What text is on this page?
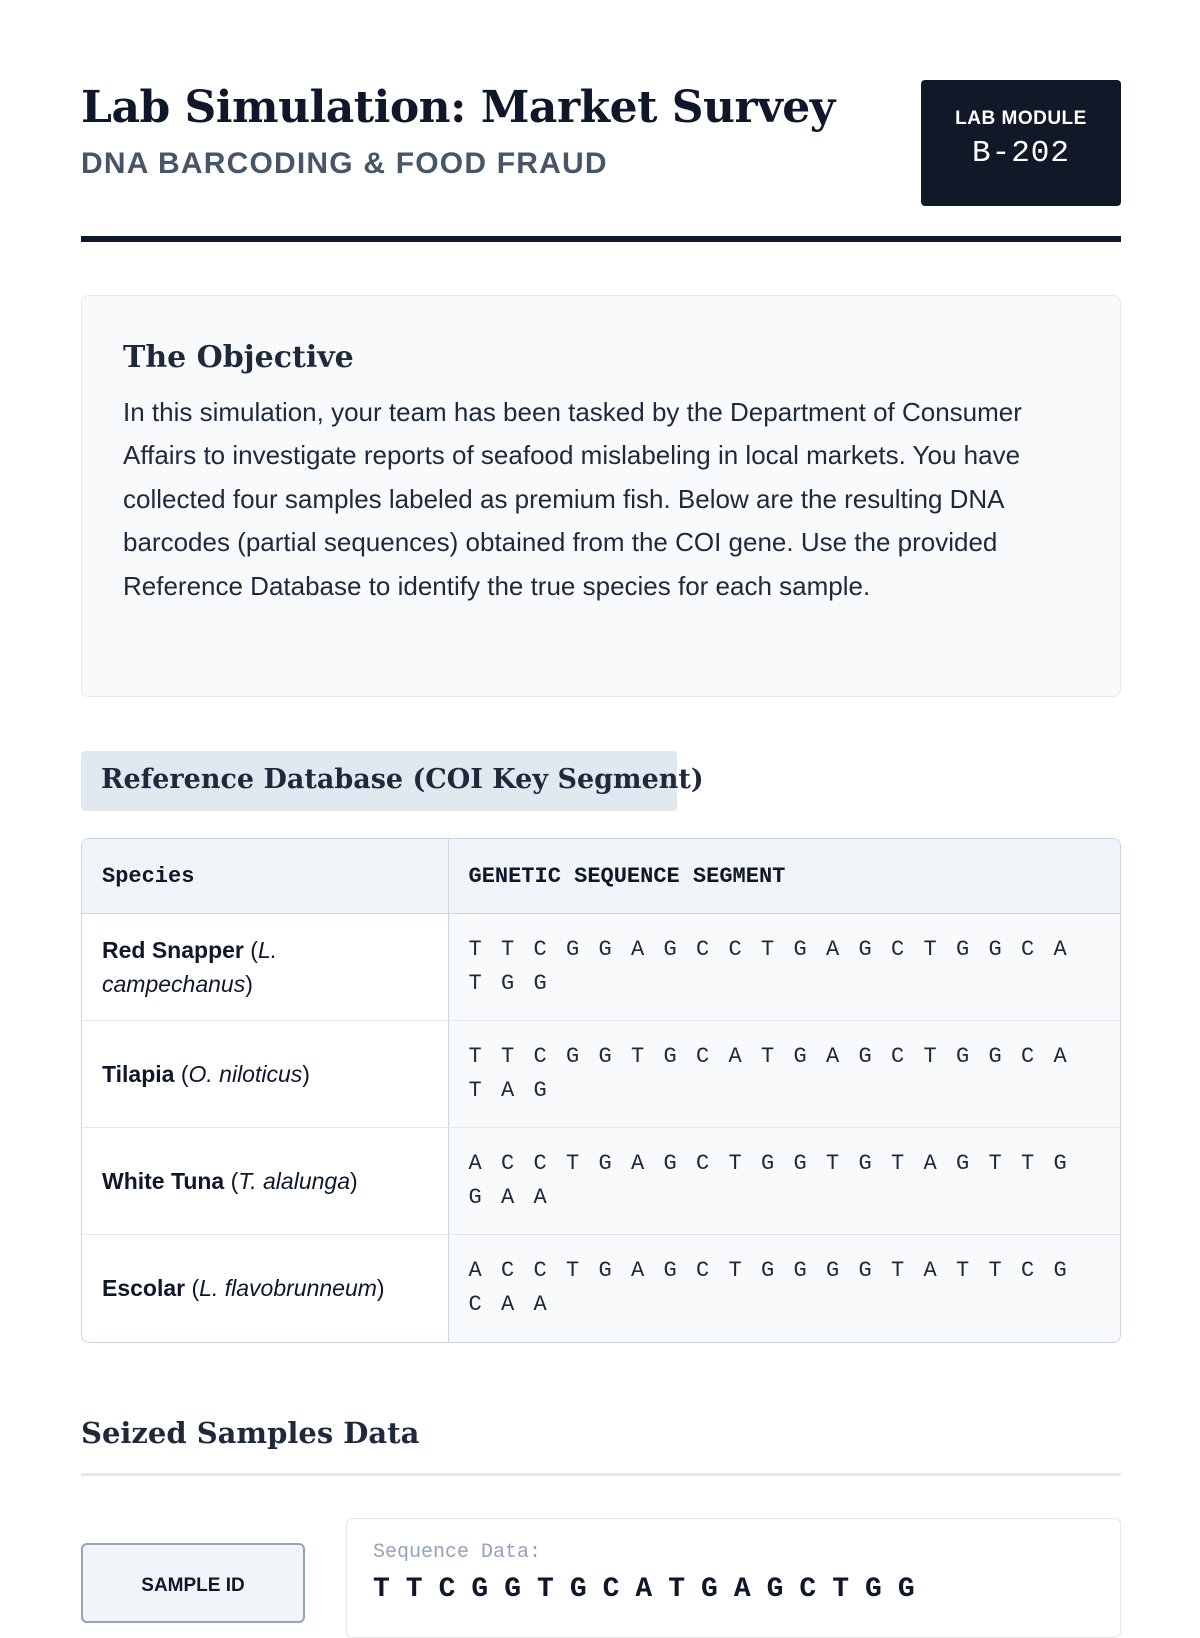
Lab Simulation: Market Survey
DNA BARCODING & FOOD FRAUD
LAB MODULE
B-202
The Objective

In this simulation, your team has been tasked by the Department of Consumer Affairs to investigate reports of seafood mislabeling in local markets. You have collected four samples labeled as premium fish. Below are the resulting DNA barcodes (partial sequences) obtained from the COI gene. Use the provided Reference Database to identify the true species for each sample.

Reference Database (COI Key Segment)
Species	GENETIC SEQUENCE SEGMENT
Red Snapper (L. campechanus)	TTCGGAGCCTGAGCTGGCATGG
Tilapia (O. niloticus)	TTCGGTGCATGAGCTGGCATAG
White Tuna (T. alalunga)	ACCTGAGCTGGTGTAGTTGGAA
Escolar (L. flavobrunneum)	ACCTGAGCTGGGGTATTCGCAA
Seized Samples Data
SAMPLE ID
Sequence Data:
TTCGGTGCATGAGCTGG
